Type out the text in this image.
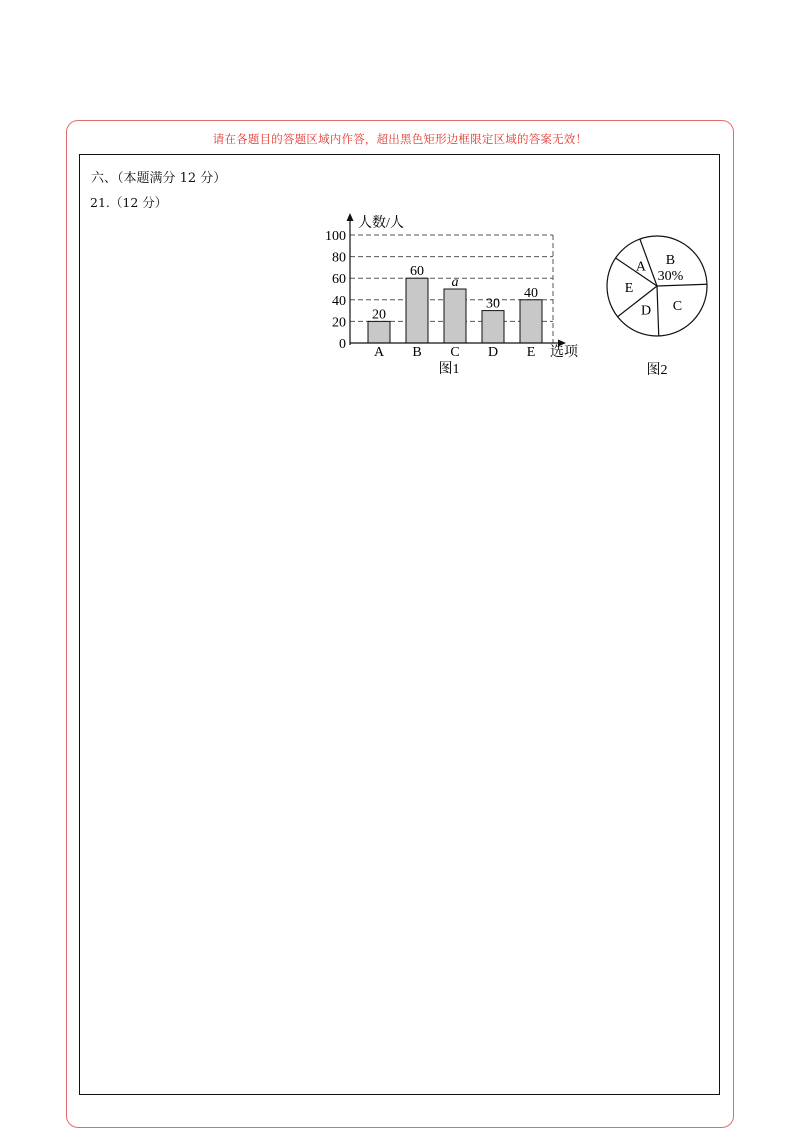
请在各题目的答题区域内作答，超出黑色矩形边框限定区域的答案无效！
六、（本题满分 12 分）
21.（12 分）
0
20
40
60
80
100
A B C D E
20
60
a
30
40
人数/人
选项
图1
A B
30%
C
D
E
图2
